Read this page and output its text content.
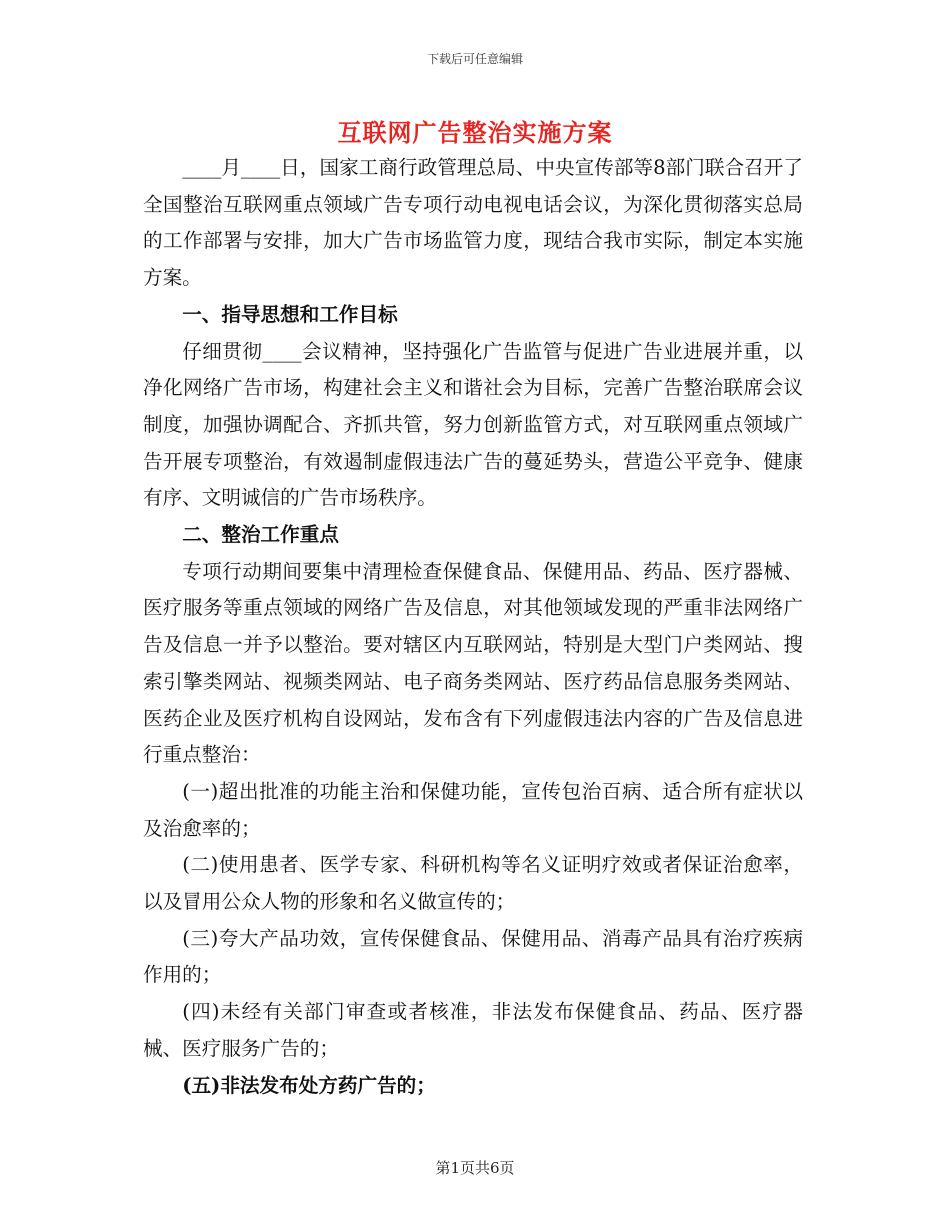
下载后可任意编辑
互联网广告整治实施方案

____月____日，国家工商行政管理总局、中央宣传部等8部门联合召开了全国整治互联网重点领域广告专项行动电视电话会议，为深化贯彻落实总局的工作部署与安排，加大广告市场监管力度，现结合我市实际，制定本实施方案。

一、指导思想和工作目标

仔细贯彻____会议精神，坚持强化广告监管与促进广告业进展并重，以净化网络广告市场，构建社会主义和谐社会为目标，完善广告整治联席会议制度，加强协调配合、齐抓共管，努力创新监管方式，对互联网重点领域广告开展专项整治，有效遏制虚假违法广告的蔓延势头，营造公平竞争、健康有序、文明诚信的广告市场秩序。

二、整治工作重点

专项行动期间要集中清理检查保健食品、保健用品、药品、医疗器械、医疗服务等重点领域的网络广告及信息，对其他领域发现的严重非法网络广告及信息一并予以整治。要对辖区内互联网站，特别是大型门户类网站、搜索引擎类网站、视频类网站、电子商务类网站、医疗药品信息服务类网站、医药企业及医疗机构自设网站，发布含有下列虚假违法内容的广告及信息进行重点整治：

(一)超出批准的功能主治和保健功能，宣传包治百病、适合所有症状以及治愈率的；

(二)使用患者、医学专家、科研机构等名义证明疗效或者保证治愈率，以及冒用公众人物的形象和名义做宣传的；

(三)夸大产品功效，宣传保健食品、保健用品、消毒产品具有治疗疾病作用的；

(四)未经有关部门审查或者核准，非法发布保健食品、药品、医疗器械、医疗服务广告的；

(五)非法发布处方药广告的；

第1页共6页
